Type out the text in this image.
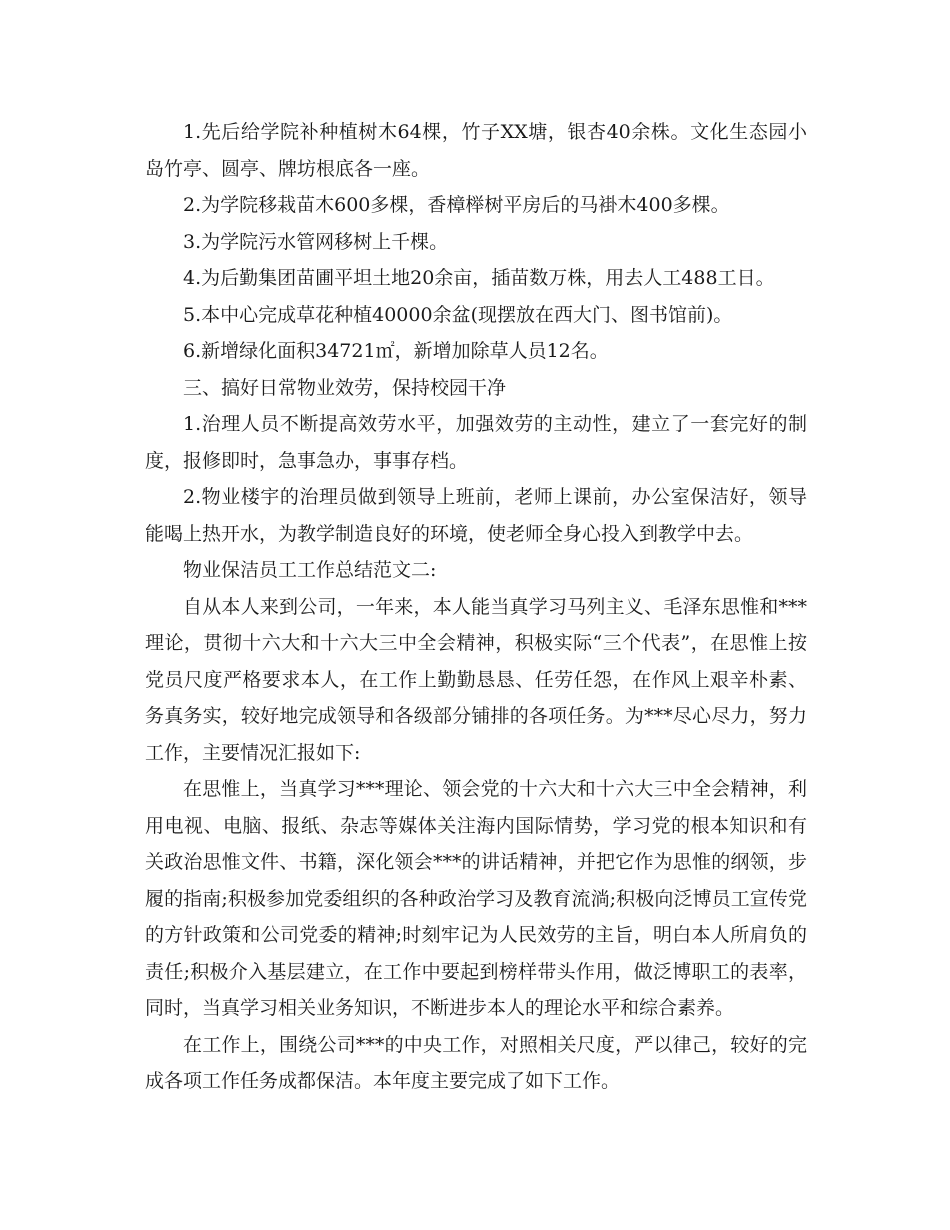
1.先后给学院补种植树木64棵，竹子XX塘，银杏40余株。文化生态园小岛竹亭、圆亭、牌坊根底各一座。

2.为学院移栽苗木600多棵，香樟榉树平房后的马褂木400多棵。

3.为学院污水管网移树上千棵。

4.为后勤集团苗圃平坦土地20余亩，插苗数万株，用去人工488工日。

5.本中心完成草花种植40000余盆(现摆放在西大门、图书馆前)。

6.新增绿化面积34721㎡，新增加除草人员12名。

三、搞好日常物业效劳，保持校园干净

1.治理人员不断提高效劳水平，加强效劳的主动性，建立了一套完好的制度，报修即时，急事急办，事事存档。

2.物业楼宇的治理员做到领导上班前，老师上课前，办公室保洁好，领导能喝上热开水，为教学制造良好的环境，使老师全身心投入到教学中去。

物业保洁员工工作总结范文二:

自从本人来到公司，一年来，本人能当真学习马列主义、毛泽东思惟和***理论，贯彻十六大和十六大三中全会精神，积极实际“三个代表”，在思惟上按党员尺度严格要求本人，在工作上勤勤恳恳、任劳任怨，在作风上艰辛朴素、务真务实，较好地完成领导和各级部分铺排的各项任务。为***尽心尽力，努力工作，主要情况汇报如下:

在思惟上，当真学习***理论、领会党的十六大和十六大三中全会精神，利用电视、电脑、报纸、杂志等媒体关注海内国际情势，学习党的根本知识和有关政治思惟文件、书籍，深化领会***的讲话精神，并把它作为思惟的纲领，步履的指南;积极参加党委组织的各种政治学习及教育流淌;积极向泛博员工宣传党的方针政策和公司党委的精神;时刻牢记为人民效劳的主旨，明白本人所肩负的责任;积极介入基层建立，在工作中要起到榜样带头作用，做泛博职工的表率，同时，当真学习相关业务知识，不断进步本人的理论水平和综合素养。

在工作上，围绕公司***的中央工作，对照相关尺度，严以律己，较好的完成各项工作任务成都保洁。本年度主要完成了如下工作。
